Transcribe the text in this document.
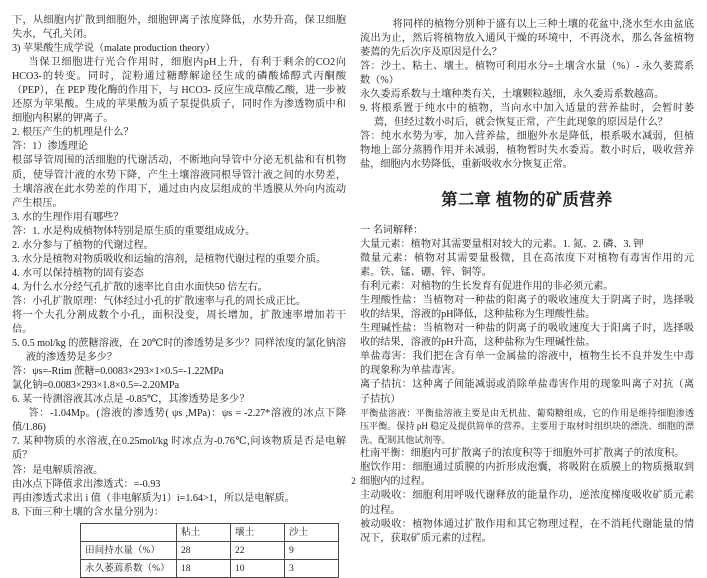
下，从细胞内扩散到细胞外，细胞钾离子浓度降低，水势升高，保卫细胞失水，气孔关闭。

3) 苹果酸生成学说（malate production theory）

当保卫细胞进行光合作用时，细胞内pH上升，有利于剩余的CO2向HCO3-的转变。同时，淀粉通过糖酵解途径生成的磷酸烯醇式丙酮酸（PEP），在 PEP 羧化酶的作用下，与 HCO3- 反应生成草酸乙酸，进一步被还原为苹果酸。生成的苹果酸为质子泵提供质子，同时作为渗透物质中和细胞内积累的钾离子。

2. 根压产生的机理是什么？

答：1）渗透理论

根部导管周围的活细胞的代谢活动，不断地向导管中分泌无机盐和有机物质，使导管汁液的水势下降，产生土壤溶液同根导管汁液之间的水势差，土壤溶液在此水势差的作用下，通过由内皮层组成的半透膜从外向内流动产生根压。

3. 水的生理作用有哪些？

答：1. 水是构成植物体特别是原生质的重要组成成分。

2. 水分参与了植物的代谢过程。

3. 水分是植物对物质吸收和运输的溶剂，是植物代谢过程的重要介质。

4. 水可以保持植物的固有姿态

4. 为什么水分经气孔扩散的速率比自由水面快50 倍左右。

答：小孔扩散原理：气体经过小孔的扩散速率与孔的周长成正比。

将一个大孔分割成数个小孔，面积没变，周长增加，扩散速率增加若干倍。

5. 0.5 mol/kg 的蔗糖溶液，在 20℃时的渗透势是多少？同样浓度的氯化钠溶液的渗透势是多少？

答：ψs=-Rtim 蔗糖=0.0083×293×1×0.5=-1.22MPa

氯化钠=0.0083×293×1.8×0.5=-2.20MPa

6. 某一待测溶液其冰点是 -0.85℃，其渗透势是多少？

答：-1.04Mp。(溶液的渗透势( ψs ,MPa)：ψs = -2.27*溶液的冰点下降值/1.86)

7. 某种物质的水溶液,在0.25mol/kg 时冰点为-0.76℃,问该物质是否是电解质？

答：是电解质溶液。

由冰点下降值求出渗透式：=-0.93

再由渗透式求出 i 值（非电解质为1）i=1.64>1，所以是电解质。

8. 下面三种土壤的含水量分别为：

	粘土	壤土	沙土
田间持水量（%）	28	22	9
永久萎蔫系数（%）	18	10	3

将同样的植物分别种于盛有以上三种土壤的花盆中,浇水至水由盆底流出为止，然后将植物放入通风干燥的环境中，不再浇水，那么各盆植物萎蔫的先后次序及原因是什么？

答：沙土、粘土、壤土。植物可利用水分=土壤含水量（%）- 永久萎蔫系数（%）

永久委焉系数与土壤种类有关，土壤颗粒越细，永久委焉系数越高。

9. 将根系置于纯水中的植物，当向水中加入适量的营养盐时，会暂时萎蔫，但经过数小时后，就会恢复正常，产生此现象的原因是什么？

答：纯水水势为零，加入营养盐，细胞外水是降低，根系吸水减弱，但植物地上部分蒸腾作用并未减弱，植物暂时失水委焉。数小时后，吸收营养盐，细胞内水势降低，重新吸收水分恢复正常。

第二章 植物的矿质营养

一 名词解释：

大量元素：植物对其需要量相对较大的元素。1. 氮、2. 磷、3. 钾

微量元素：植物对其需要量极微，且在高浓度下对植物有毒害作用的元素。铁、锰、硼、锌、铜等。

有利元素：对植物的生长发育有促进作用的非必须元素。

生理酸性盐：当植物对一种盐的阳离子的吸收速度大于阴离子时，选择吸收的结果，溶液的pH降低，这种盐称为生理酸性盐。

生理碱性盐：当植物对一种盐的阴离子的吸收速度大于阳离子时，选择吸收的结果，溶液的pH升高，这种盐称为生理碱性盐。

单盐毒害：我们把在含有单一金属盐的溶液中，植物生长不良并发生中毒的现象称为单盐毒害。

离子拮抗：这种离子间能减弱或消除单盐毒害作用的现象叫离子对抗（离子拮抗）

平衡盐溶液：平衡盐溶液主要是由无机盐、葡萄糖组成，它的作用是维持细胞渗透压平衡。保持 pH 稳定及提供简单的营养。主要用于取材时组织块的漂洗、细胞的漂洗、配制其他试剂等。

杜南平衡：细胞内可扩散离子的浓度积等于细胞外可扩散离子的浓度积。

胞饮作用：细胞通过质膜的内折形成泡囊，将吸附在质膜上的物质摄取到细胞内的过程。

主动吸收：细胞利用呼吸代谢释放的能量作功，逆浓度梯度吸收矿质元素的过程。

被动吸收：植物体通过扩散作用和其它物理过程，在不消耗代谢能量的情况下，获取矿质元素的过程。

2
